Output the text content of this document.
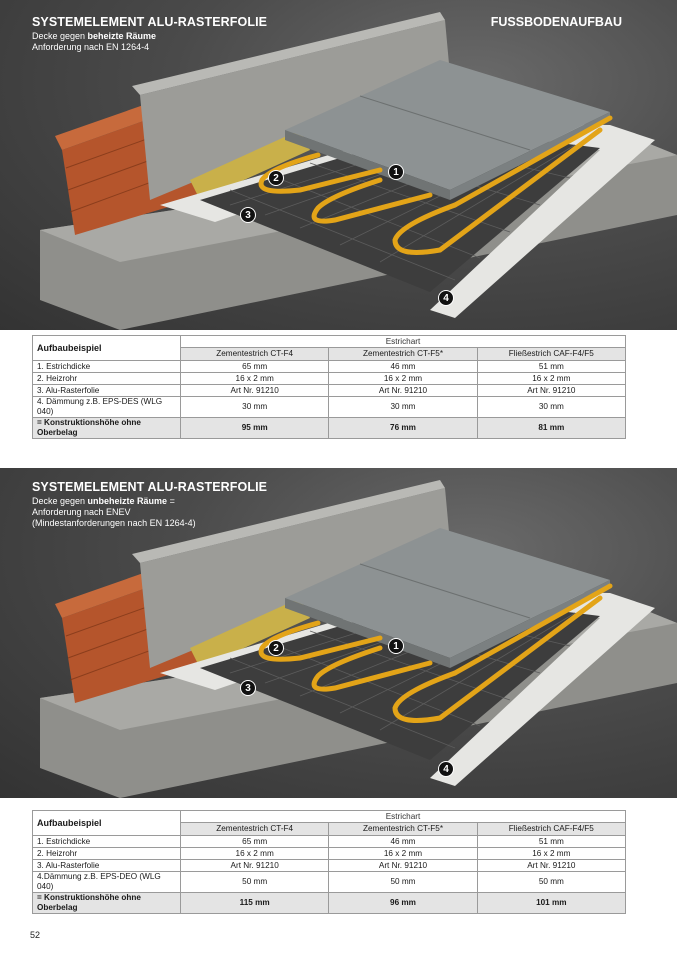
SYSTEMELEMENT ALU-RASTERFOLIE
Decke gegen beheizte Räume
Anforderung nach EN 1264-4
FUSSBODENAUFBAU
1
2
3
4
Aufbaubeispiel	Estrichart		
	Zementestrich CT-F4	Zementestrich CT-F5*	Fließestrich CAF-F4/F5
1. Estrichdicke	65 mm	46 mm	51 mm
2. Heizrohr	16 x 2 mm	16 x 2 mm	16 x 2 mm
3. Alu-Rasterfolie	Art Nr. 91210	Art Nr. 91210	Art Nr. 91210
4. Dämmung z.B. EPS-DES (WLG 040)	30 mm	30 mm	30 mm
= Konstruktionshöhe ohne Oberbelag	95 mm	76 mm	81 mm
SYSTEMELEMENT ALU-RASTERFOLIE
Decke gegen unbeheizte Räume =
Anforderung nach ENEV
(Mindestanforderungen nach EN 1264-4)
1
2
3
4
Aufbaubeispiel	Estrichart		
	Zementestrich CT-F4	Zementestrich CT-F5*	Fließestrich CAF-F4/F5
1. Estrichdicke	65 mm	46 mm	51 mm
2. Heizrohr	16 x 2 mm	16 x 2 mm	16 x 2 mm
3. Alu-Rasterfolie	Art Nr. 91210	Art Nr. 91210	Art Nr. 91210
4.Dämmung z.B. EPS-DEO (WLG 040)	50 mm	50 mm	50 mm
= Konstruktionshöhe ohne Oberbelag	115 mm	96 mm	101 mm
52
